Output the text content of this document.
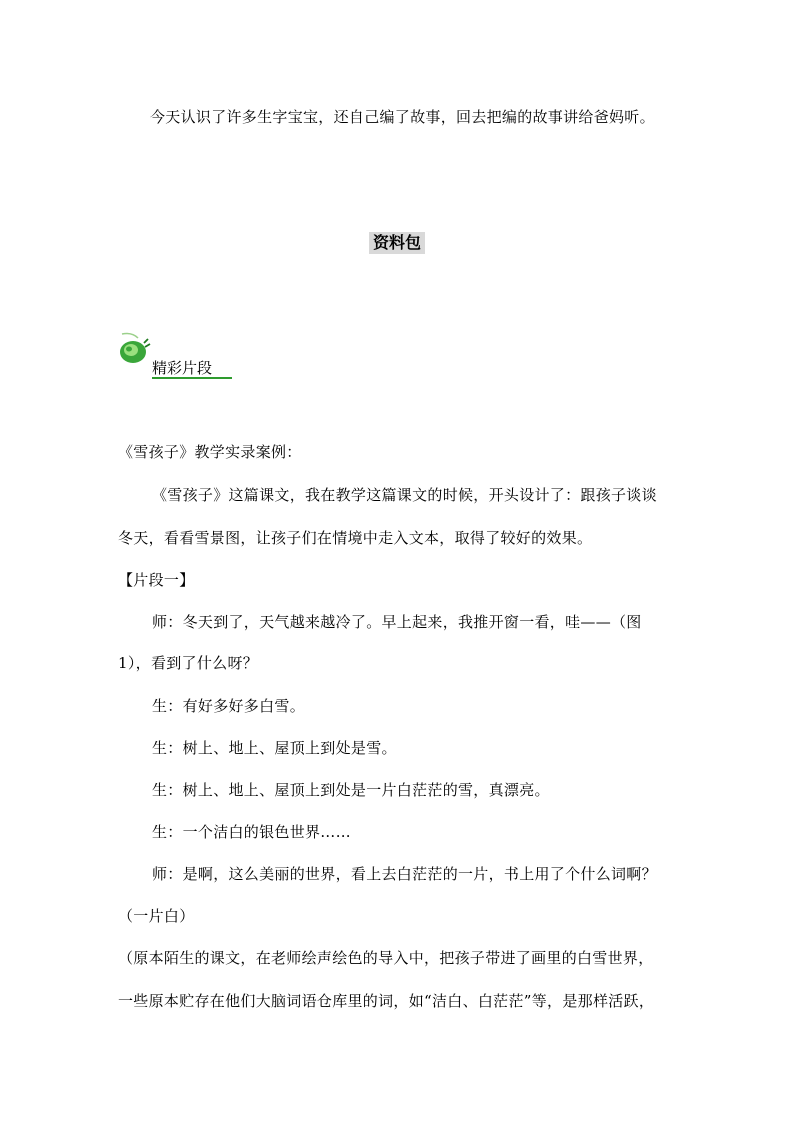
今天认识了许多生字宝宝，还自己编了故事，回去把编的故事讲给爸妈听。
资料包
精彩片段
《雪孩子》教学实录案例：
《雪孩子》这篇课文，我在教学这篇课文的时候，开头设计了：跟孩子谈谈
冬天，看看雪景图，让孩子们在情境中走入文本，取得了较好的效果。
【片段一】
师：冬天到了，天气越来越冷了。早上起来，我推开窗一看，哇——（图
1），看到了什么呀？
生：有好多好多白雪。
生：树上、地上、屋顶上到处是雪。
生：树上、地上、屋顶上到处是一片白茫茫的雪，真漂亮。
生：一个洁白的银色世界……
师：是啊，这么美丽的世界，看上去白茫茫的一片，书上用了个什么词啊？
（一片白）
（原本陌生的课文，在老师绘声绘色的导入中，把孩子带进了画里的白雪世界，
一些原本贮存在他们大脑词语仓库里的词，如“洁白、白茫茫”等，是那样活跃，
